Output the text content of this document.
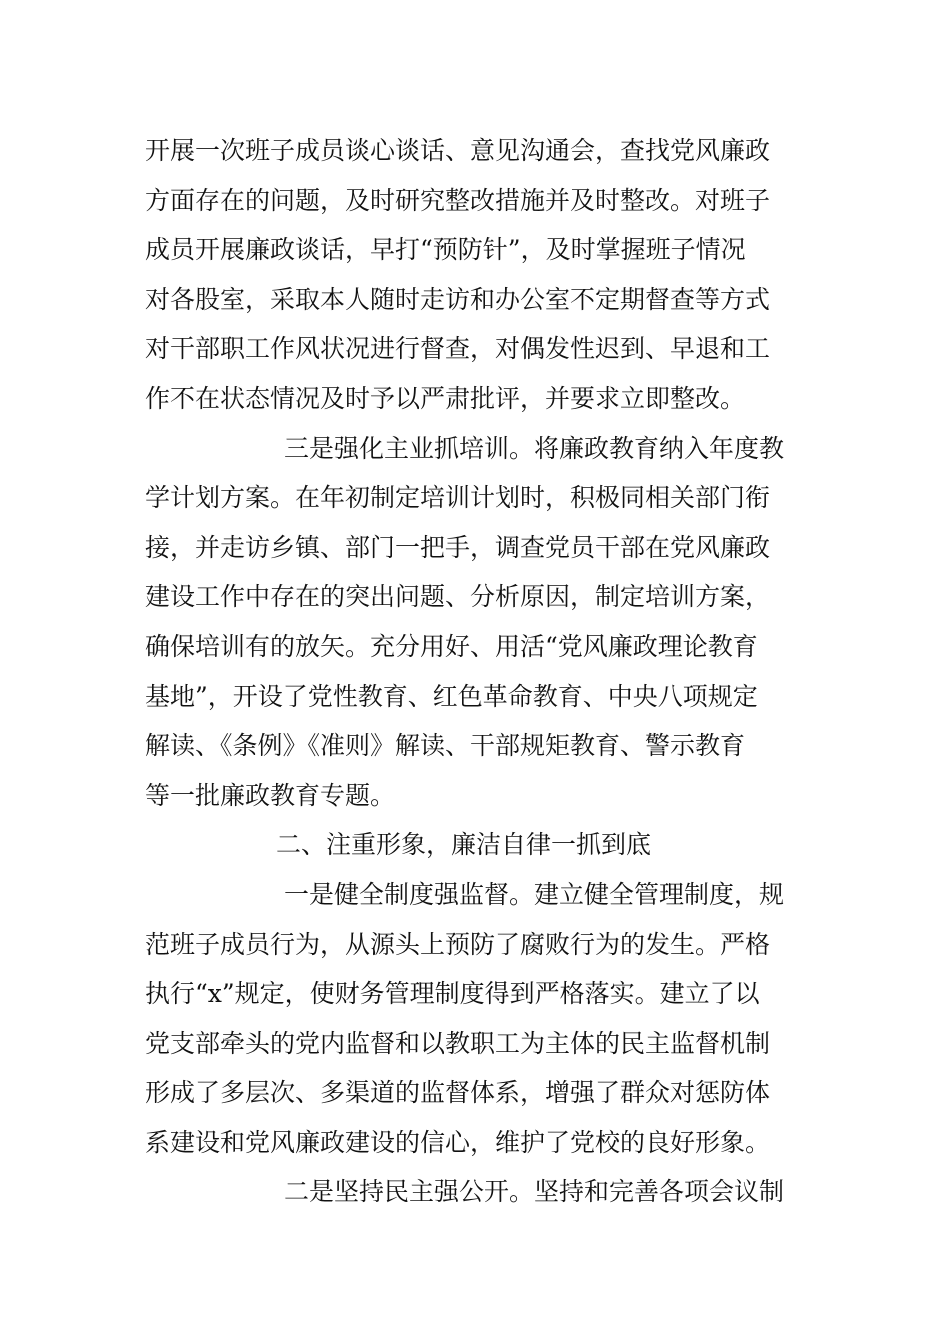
开展一次班子成员谈心谈话、意见沟通会，查找党风廉政
方面存在的问题，及时研究整改措施并及时整改。对班子
成员开展廉政谈话，早打“预防针”，及时掌握班子情况
对各股室，采取本人随时走访和办公室不定期督查等方式
对干部职工作风状况进行督查，对偶发性迟到、早退和工
作不在状态情况及时予以严肃批评，并要求立即整改。
三是强化主业抓培训。将廉政教育纳入年度教
学计划方案。在年初制定培训计划时，积极同相关部门衔
接，并走访乡镇、部门一把手，调查党员干部在党风廉政
建设工作中存在的突出问题、分析原因，制定培训方案，
确保培训有的放矢。充分用好、用活“党风廉政理论教育
基地”，开设了党性教育、红色革命教育、中央八项规定
解读、《条例》《准则》解读、干部规矩教育、警示教育
等一批廉政教育专题。
二、注重形象，廉洁自律一抓到底
一是健全制度强监督。建立健全管理制度，规
范班子成员行为，从源头上预防了腐败行为的发生。严格
执行“x”规定，使财务管理制度得到严格落实。建立了以
党支部牵头的党内监督和以教职工为主体的民主监督机制
形成了多层次、多渠道的监督体系，增强了群众对惩防体
系建设和党风廉政建设的信心，维护了党校的良好形象。
二是坚持民主强公开。坚持和完善各项会议制
